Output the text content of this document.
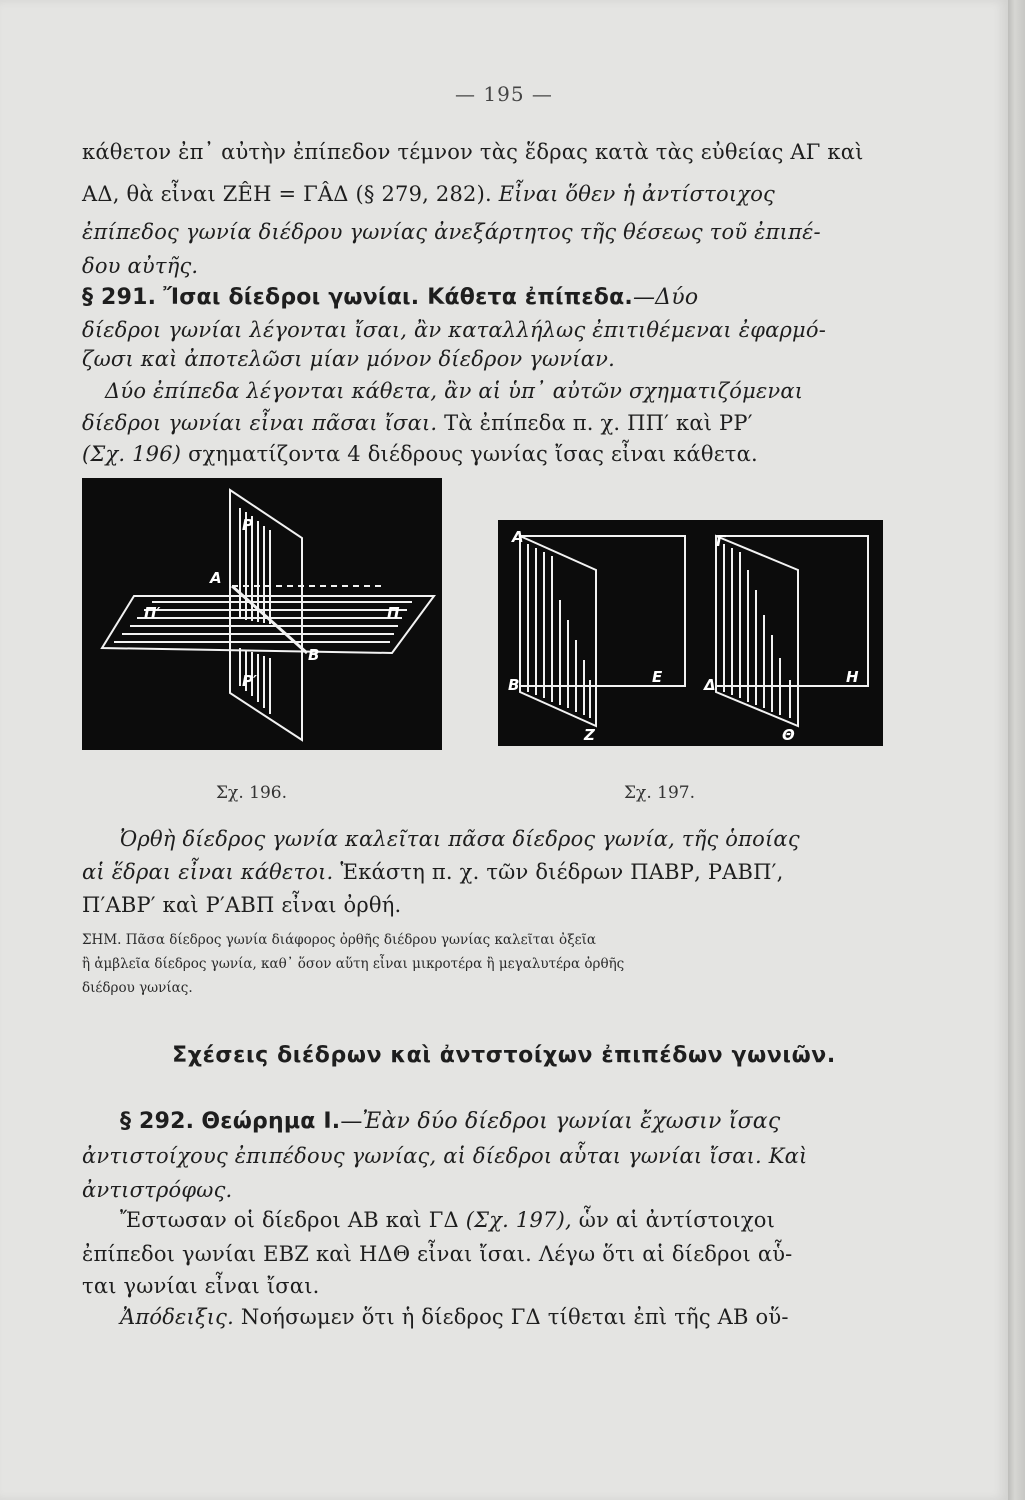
— 195 —
κάθετον ἐπ᾽ αὐτὴν ἐπίπεδον τέμνον τὰς ἕδρας κατὰ τὰς εὐθείας ΑΓ καὶ
ΑΔ, θὰ εἶναι ΖÊΗ = ΓÂΔ (§ 279, 282). Εἶναι ὅθεν ἡ ἀντίστοιχος
ἐπίπεδος γωνία διέδρου γωνίας ἀνεξάρτητος τῆς θέσεως τοῦ ἐπιπέ-
δου αὐτῆς.
§ 291. Ἴσαι δίεδροι γωνίαι. Κάθετα ἐπίπεδα.—Δύο
δίεδροι γωνίαι λέγονται ἴσαι, ἂν καταλλήλως ἐπιτιθέμεναι ἐφαρμό-
ζωσι καὶ ἀποτελῶσι μίαν μόνον δίεδρον γωνίαν.
Δύο ἐπίπεδα λέγονται κάθετα, ἂν αἱ ὑπ᾽ αὐτῶν σχηματιζόμεναι
δίεδροι γωνίαι εἶναι πᾶσαι ἴσαι. Τὰ ἐπίπεδα π. χ. ΠΠ′ καὶ ΡΡ′
(Σχ. 196) σχηματίζοντα 4 διέδρους γωνίας ἴσας εἶναι κάθετα.
Ρ
Α
Π′	Π
Β
Ρ′
Σχ. 196.
Α
Β	Ε
Ζ
Γ
Δ	Η
Θ
Σχ. 197.
Ὀρθὴ δίεδρος γωνία καλεῖται πᾶσα δίεδρος γωνία, τῆς ὁποίας
αἱ ἕδραι εἶναι κάθετοι. Ἑκάστη π. χ. τῶν διέδρων ΠΑΒΡ, ΡΑΒΠ′,
Π′ΑΒΡ′ καὶ Ρ′ΑΒΠ εἶναι ὀρθή.
ΣΗΜ. Πᾶσα δίεδρος γωνία διάφορος ὀρθῆς διέδρου γωνίας καλεῖται ὀξεῖα
ἢ ἀμβλεῖα δίεδρος γωνία, καθ᾽ ὅσον αὕτη εἶναι μικροτέρα ἢ μεγαλυτέρα ὀρθῆς
διέδρου γωνίας.
Σχέσεις διέδρων καὶ ἀντστοίχων ἐπιπέδων γωνιῶν.
§ 292. Θεώρημα Ι.—Ἐὰν δύο δίεδροι γωνίαι ἔχωσιν ἴσας
ἀντιστοίχους ἐπιπέδους γωνίας, αἱ δίεδροι αὗται γωνίαι ἴσαι. Καὶ
ἀντιστρόφως.
Ἔστωσαν οἱ δίεδροι ΑΒ καὶ ΓΔ (Σχ. 197), ὧν αἱ ἀντίστοιχοι
ἐπίπεδοι γωνίαι ΕΒΖ καὶ ΗΔΘ εἶναι ἴσαι. Λέγω ὅτι αἱ δίεδροι αὗ-
ται γωνίαι εἶναι ἴσαι.
Ἀπόδειξις. Νοήσωμεν ὅτι ἡ δίεδρος ΓΔ τίθεται ἐπὶ τῆς ΑΒ οὕ-
